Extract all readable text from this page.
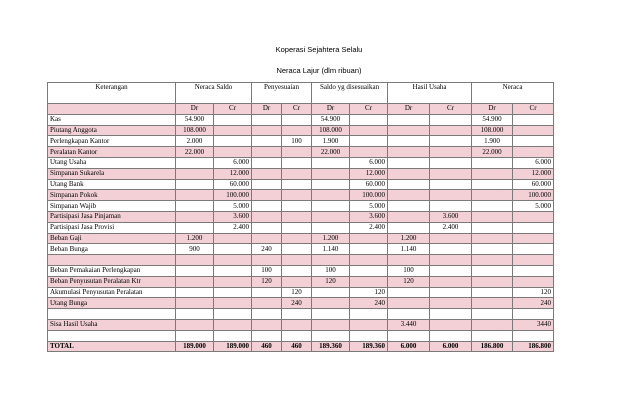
Koperasi Sejahtera Selalu
Neraca Lajur (dlm ribuan)
Keterangan	Neraca Saldo		Penyesuaian		Saldo yg disesuaikan		Hasil Usaha		Neraca	
	Dr	Cr	Dr	Cr	Dr	Cr	Dr	Cr	Dr	Cr
Kas	54.900				54.900				54.900	
Piutang Anggota	108.000				108.000				108.000	
Perlengkapan Kantor	2.000			100	1.900				1.900	
Peralatan Kantor	22.000				22.000				22.000	
Utang Usaha		6.000				6.000				6.000
Simpanan Sukarela		12.000				12.000				12.000
Utang Bank		60.000				60.000				60.000
Simpanan Pokok		100.000				100.000				100.000
Simpanan Wajib		5.000				5.000				5.000
Partisipasi Jasa Pinjaman		3.600				3.600		3.600		
Partisipasi Jasa Provisi		2.400				2.400		2.400		
Beban Gaji	1.200				1.200		1.200			
Beban Bunga	900		240		1.140		1.140			

Beban Pemakaian Perlengkapan			100		100		100			
Beban Penyusutan Peralatan Ktr			120		120		120			
Akumulasi Penyusutan Peralatan				120		120				120
Utang Bunga				240		240				240

Sisa Hasil Usaha							3.440			3440

TOTAL	189.000	189.000	460	460	189.360	189.360	6.000	6.000	186.800	186.800
